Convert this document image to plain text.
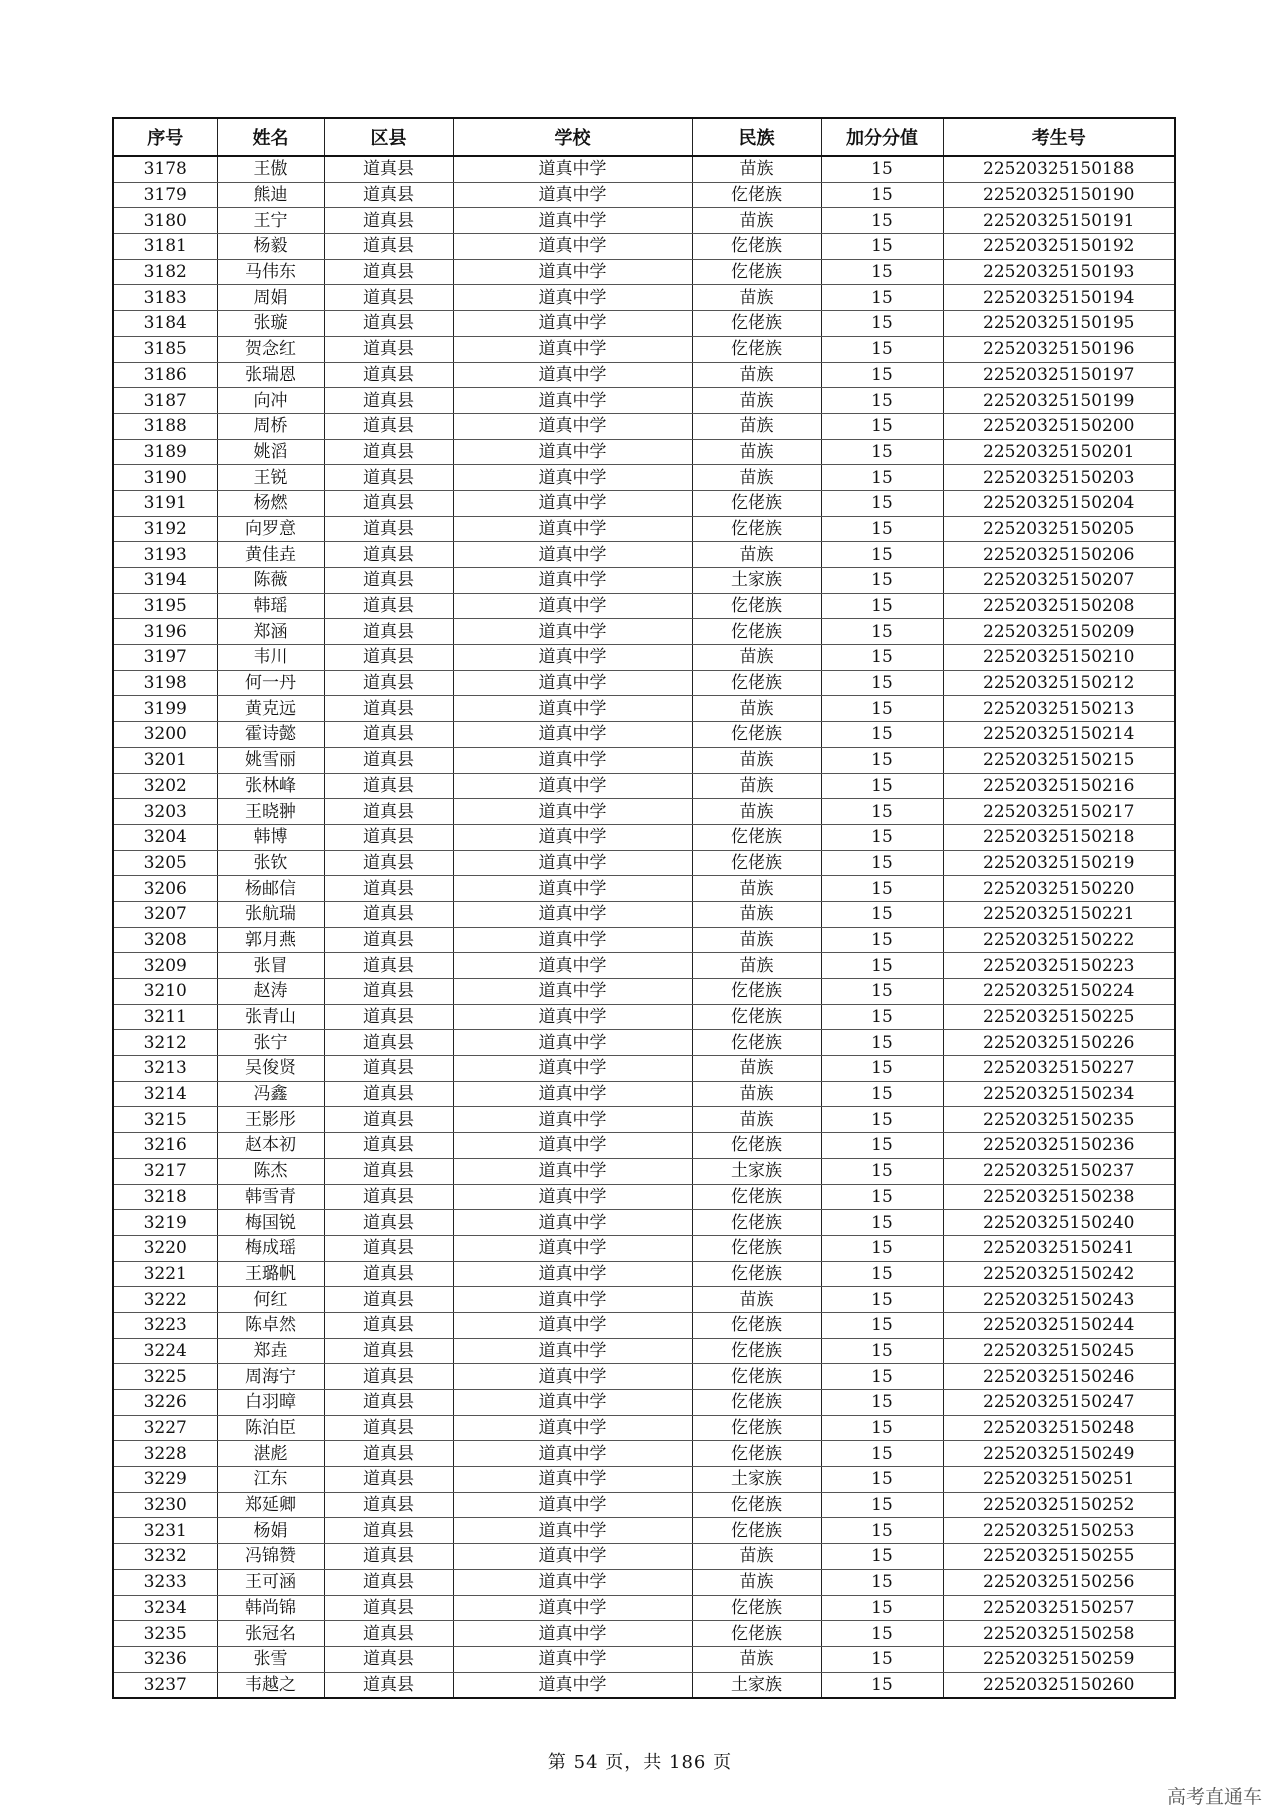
序号	姓名	区县	学校	民族	加分分值	考生号
3178	王傲	道真县	道真中学	苗族	15	22520325150188
3179	熊迪	道真县	道真中学	仡佬族	15	22520325150190
3180	王宁	道真县	道真中学	苗族	15	22520325150191
3181	杨毅	道真县	道真中学	仡佬族	15	22520325150192
3182	马伟东	道真县	道真中学	仡佬族	15	22520325150193
3183	周娟	道真县	道真中学	苗族	15	22520325150194
3184	张璇	道真县	道真中学	仡佬族	15	22520325150195
3185	贺念红	道真县	道真中学	仡佬族	15	22520325150196
3186	张瑞恩	道真县	道真中学	苗族	15	22520325150197
3187	向冲	道真县	道真中学	苗族	15	22520325150199
3188	周桥	道真县	道真中学	苗族	15	22520325150200
3189	姚滔	道真县	道真中学	苗族	15	22520325150201
3190	王锐	道真县	道真中学	苗族	15	22520325150203
3191	杨燃	道真县	道真中学	仡佬族	15	22520325150204
3192	向罗意	道真县	道真中学	仡佬族	15	22520325150205
3193	黄佳垚	道真县	道真中学	苗族	15	22520325150206
3194	陈薇	道真县	道真中学	土家族	15	22520325150207
3195	韩瑶	道真县	道真中学	仡佬族	15	22520325150208
3196	郑涵	道真县	道真中学	仡佬族	15	22520325150209
3197	韦川	道真县	道真中学	苗族	15	22520325150210
3198	何一丹	道真县	道真中学	仡佬族	15	22520325150212
3199	黄克远	道真县	道真中学	苗族	15	22520325150213
3200	霍诗懿	道真县	道真中学	仡佬族	15	22520325150214
3201	姚雪丽	道真县	道真中学	苗族	15	22520325150215
3202	张林峰	道真县	道真中学	苗族	15	22520325150216
3203	王晓翀	道真县	道真中学	苗族	15	22520325150217
3204	韩博	道真县	道真中学	仡佬族	15	22520325150218
3205	张钦	道真县	道真中学	仡佬族	15	22520325150219
3206	杨邮信	道真县	道真中学	苗族	15	22520325150220
3207	张航瑞	道真县	道真中学	苗族	15	22520325150221
3208	郭月燕	道真县	道真中学	苗族	15	22520325150222
3209	张冒	道真县	道真中学	苗族	15	22520325150223
3210	赵涛	道真县	道真中学	仡佬族	15	22520325150224
3211	张青山	道真县	道真中学	仡佬族	15	22520325150225
3212	张宁	道真县	道真中学	仡佬族	15	22520325150226
3213	吴俊贤	道真县	道真中学	苗族	15	22520325150227
3214	冯鑫	道真县	道真中学	苗族	15	22520325150234
3215	王影彤	道真县	道真中学	苗族	15	22520325150235
3216	赵本初	道真县	道真中学	仡佬族	15	22520325150236
3217	陈杰	道真县	道真中学	土家族	15	22520325150237
3218	韩雪青	道真县	道真中学	仡佬族	15	22520325150238
3219	梅国锐	道真县	道真中学	仡佬族	15	22520325150240
3220	梅成瑶	道真县	道真中学	仡佬族	15	22520325150241
3221	王璐帆	道真县	道真中学	仡佬族	15	22520325150242
3222	何红	道真县	道真中学	苗族	15	22520325150243
3223	陈卓然	道真县	道真中学	仡佬族	15	22520325150244
3224	郑垚	道真县	道真中学	仡佬族	15	22520325150245
3225	周海宁	道真县	道真中学	仡佬族	15	22520325150246
3226	白羽暲	道真县	道真中学	仡佬族	15	22520325150247
3227	陈泊臣	道真县	道真中学	仡佬族	15	22520325150248
3228	湛彪	道真县	道真中学	仡佬族	15	22520325150249
3229	江东	道真县	道真中学	土家族	15	22520325150251
3230	郑延卿	道真县	道真中学	仡佬族	15	22520325150252
3231	杨娟	道真县	道真中学	仡佬族	15	22520325150253
3232	冯锦赞	道真县	道真中学	苗族	15	22520325150255
3233	王可涵	道真县	道真中学	苗族	15	22520325150256
3234	韩尚锦	道真县	道真中学	仡佬族	15	22520325150257
3235	张冠名	道真县	道真中学	仡佬族	15	22520325150258
3236	张雪	道真县	道真中学	苗族	15	22520325150259
3237	韦越之	道真县	道真中学	土家族	15	22520325150260
第 54 页，共 186 页
高考直通车
